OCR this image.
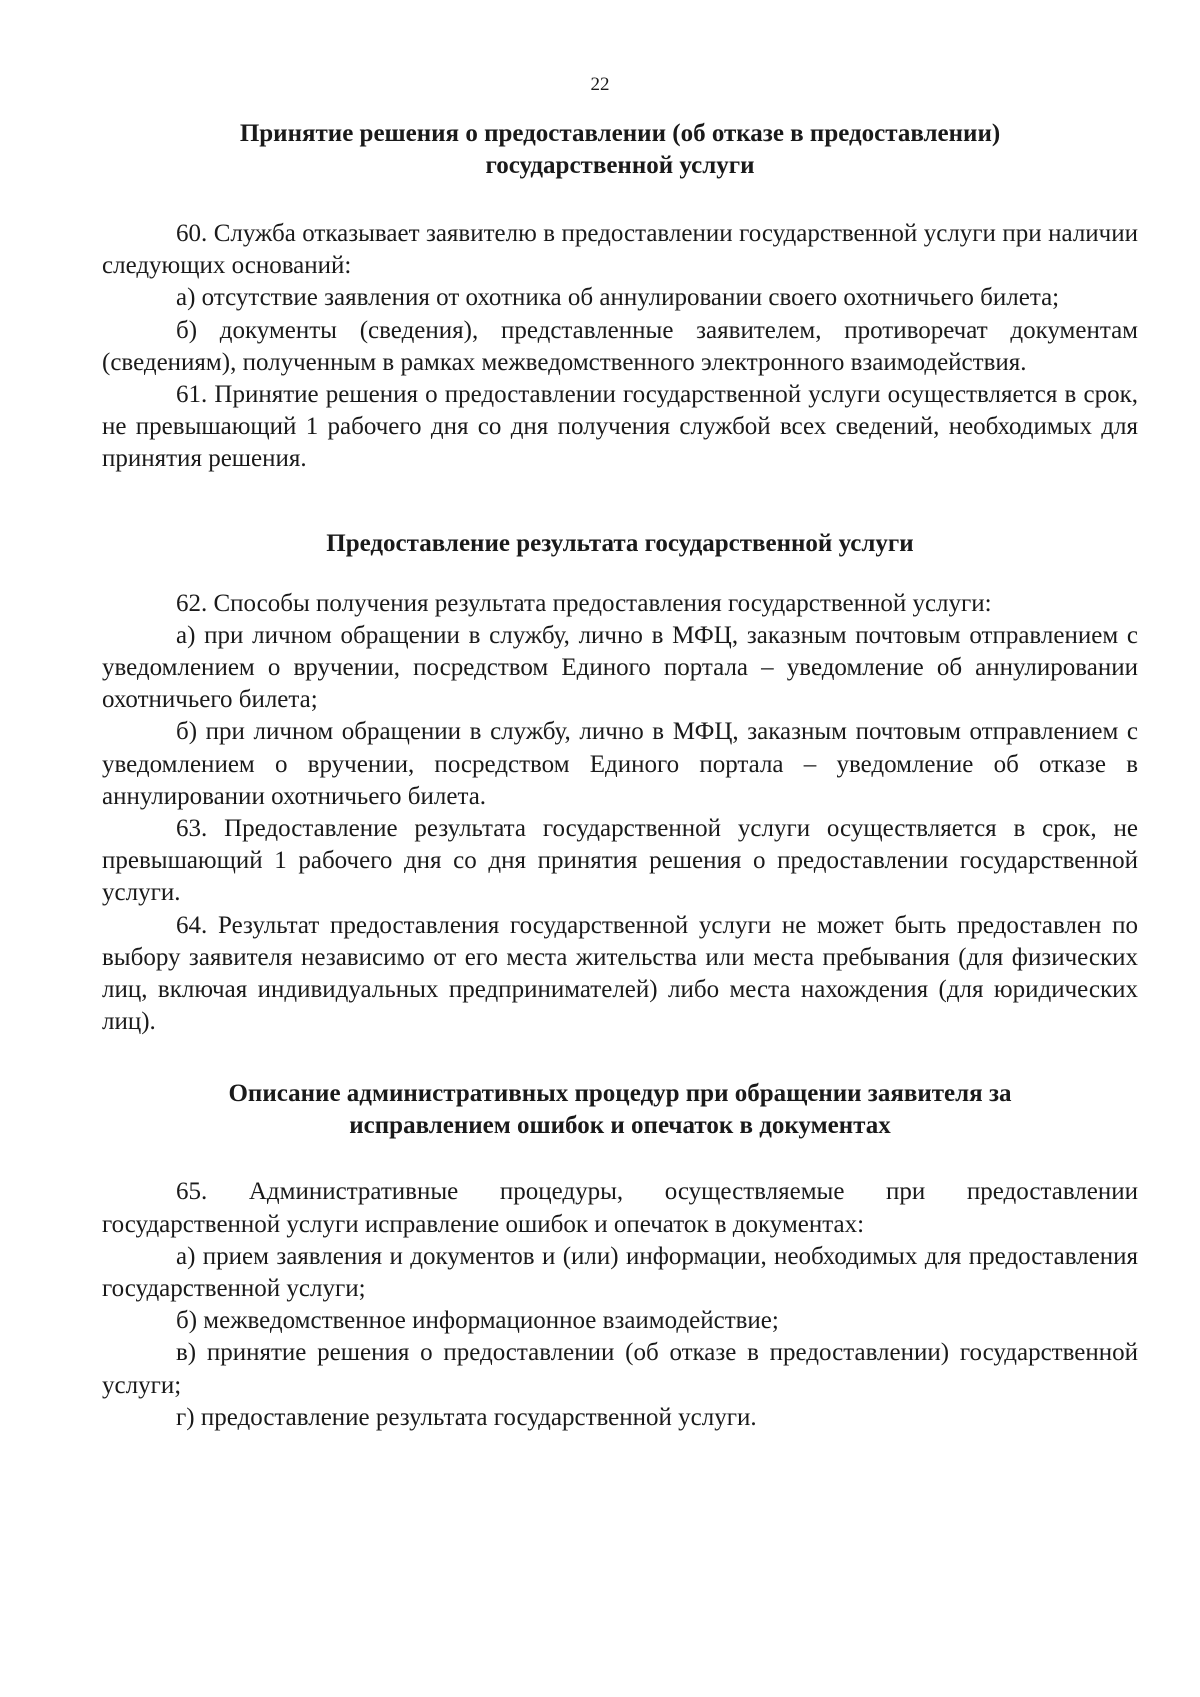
22
Принятие решения о предоставлении (об отказе в предоставлении)
государственной услуги

60. Служба отказывает заявителю в предоставлении государственной услуги при наличии следующих оснований:

а) отсутствие заявления от охотника об аннулировании своего охотничьего билета;

б) документы (сведения), представленные заявителем, противоречат документам (сведениям), полученным в рамках межведомственного электронного взаимодействия.

61. Принятие решения о предоставлении государственной услуги осуществляется в срок, не превышающий 1 рабочего дня со дня получения службой всех сведений, необходимых для принятия решения.

Предоставление результата государственной услуги

62. Способы получения результата предоставления государственной услуги:

а) при личном обращении в службу, лично в МФЦ, заказным почтовым отправлением с уведомлением о вручении, посредством Единого портала – уведомление об аннулировании охотничьего билета;

б) при личном обращении в службу, лично в МФЦ, заказным почтовым отправлением с уведомлением о вручении, посредством Единого портала – уведомление об отказе в аннулировании охотничьего билета.

63. Предоставление результата государственной услуги осуществляется в срок, не превышающий 1 рабочего дня со дня принятия решения о предоставлении государственной услуги.

64. Результат предоставления государственной услуги не может быть предоставлен по выбору заявителя независимо от его места жительства или места пребывания (для физических лиц, включая индивидуальных предпринимателей) либо места нахождения (для юридических лиц).

Описание административных процедур при обращении заявителя за
исправлением ошибок и опечаток в документах

65. Административные процедуры, осуществляемые при предоставлении государственной услуги исправление ошибок и опечаток в документах:

а) прием заявления и документов и (или) информации, необходимых для предоставления государственной услуги;

б) межведомственное информационное взаимодействие;

в) принятие решения о предоставлении (об отказе в предоставлении) государственной услуги;

г) предоставление результата государственной услуги.
